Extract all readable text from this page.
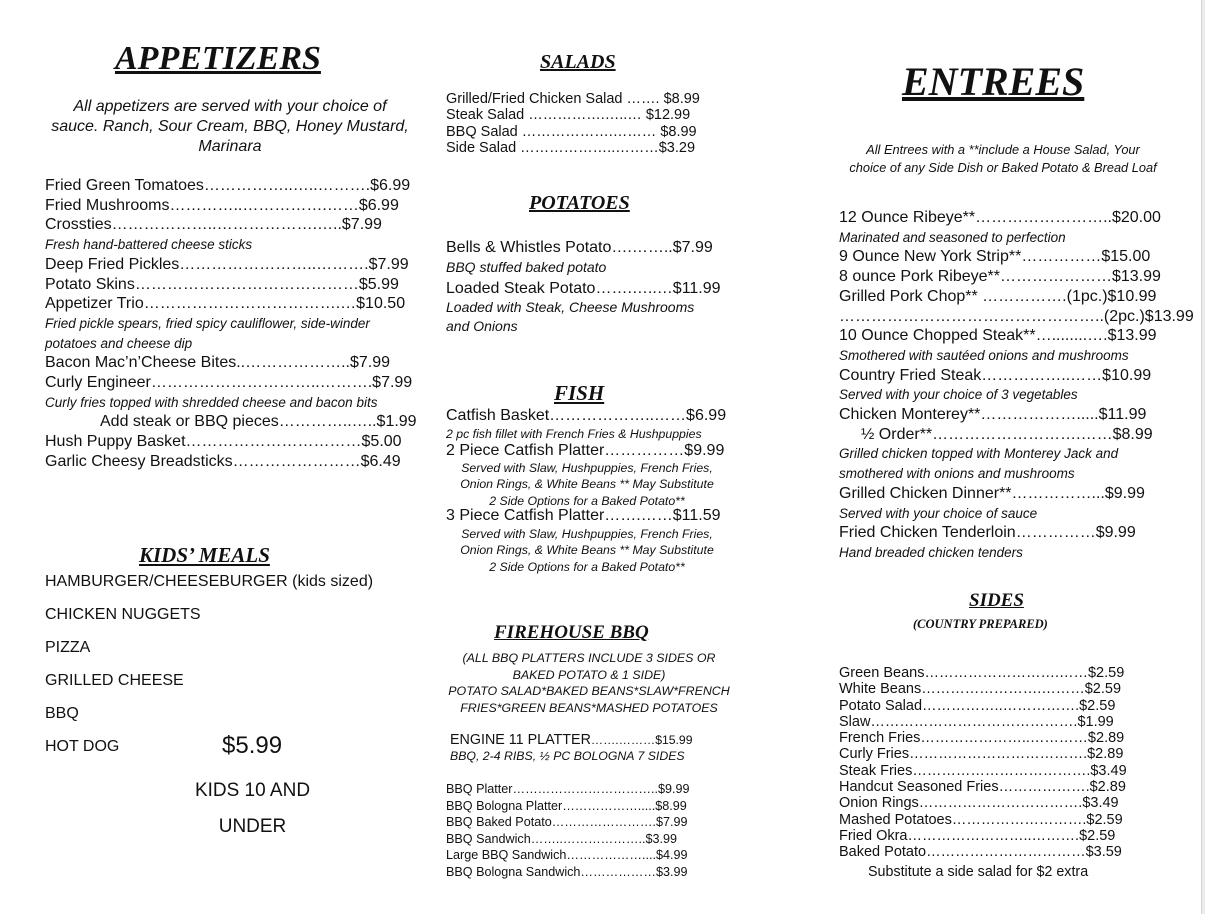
APPETIZERS
All appetizers are served with your choice of
sauce. Ranch, Sour Cream, BBQ, Honey Mustard,
Marinara
Fried Green Tomatoes……………..…..……….$6.99
Fried Mushrooms…………..…………….……$6.99
Crossties………………..……………….…..$7.99
Fresh hand-battered cheese sticks
Deep Fried Pickles……………………..……….$7.99
Potato Skins……………………………………$5.99
Appetizer Trio……………………………….…$10.50
Fried pickle spears, fried spicy cauliflower, side-winder
potatoes and cheese dip
Bacon Mac’n’Cheese Bites..………………..$7.99
Curly Engineer…………………………..……….$7.99
Curly fries topped with shredded cheese and bacon bits
Add steak or BBQ pieces…………..…..$1.99
Hush Puppy Basket……………………………$5.00
Garlic Cheesy Breadsticks……………………$6.49
KIDS’ MEALS
HAMBURGER/CHEESEBURGER (kids sized)
CHICKEN NUGGETS
PIZZA
GRILLED CHEESE
BBQ
HOT DOG	$5.99
KIDS 10 AND
UNDER
SALADS
Grilled/Fried Chicken Salad ……. $8.99
Steak Salad …………….…..… $12.99
BBQ Salad ……………….……… $8.99
Side Salad ………………..………$3.29
POTATOES
Bells & Whistles Potato….……..$7.99
BBQ stuffed baked potato
Loaded Steak Potato…….…..…$11.99
Loaded with Steak, Cheese Mushrooms
and Onions
FISH
Catfish Basket………………..……$6.99
2 pc fish fillet with French Fries & Hushpuppies
2 Piece Catfish Platter……………$9.99
Served with Slaw, Hushpuppies, French Fries,
Onion Rings, & White Beans ** May Substitute
2 Side Options for a Baked Potato**
3 Piece Catfish Platter…….……$11.59
Served with Slaw, Hushpuppies, French Fries,
Onion Rings, & White Beans ** May Substitute
2 Side Options for a Baked Potato**
FIREHOUSE BBQ
(ALL BBQ PLATTERS INCLUDE 3 SIDES OR
BAKED POTATO & 1 SIDE)
POTATO SALAD*BAKED BEANS*SLAW*FRENCH
FRIES*GREEN BEANS*MASHED POTATOES
ENGINE 11 PLATTER…….………$15.99
BBQ, 2-4 RIBS, ½ PC BOLOGNA 7 SIDES
BBQ Platter……………………………..$9.99
BBQ Bologna Platter……………….....$8.99
BBQ Baked Potato…………………….$7.99
BBQ Sandwich……..………………..$3.99
Large BBQ Sandwich………………....$4.99
BBQ Bologna Sandwich………………$3.99
ENTREES
All Entrees with a **include a House Salad, Your
choice of any Side Dish or Baked Potato & Bread Loaf
12 Ounce Ribeye**……………………..$20.00
Marinated and seasoned to perfection
9 Ounce New York Strip**……………$15.00
8 ounce Pork Ribeye**…………………$13.99
Grilled Pork Chop** …………….(1pc.)$10.99
…………………………………………..(2pc.)$13.99
10 Ounce Chopped Steak**…........….$13.99
Smothered with sautéed onions and mushrooms
Country Fried Steak……………..……$10.99
Served with your choice of 3 vegetables
Chicken Monterey**……………….....$11.99
½ Order**……………………….……$8.99
Grilled chicken topped with Monterey Jack and
smothered with onions and mushrooms
Grilled Chicken Dinner**……………...$9.99
Served with your choice of sauce
Fried Chicken Tenderloin……………$9.99
Hand breaded chicken tenders
SIDES
(COUNTRY PREPARED)
Green Beans……………………….……$2.59
White Beans…………………….………$2.59
Potato Salad……………..…………….$2.59
Slaw…………………………………….$1.99
French Fries…………………..…………$2.89
Curly Fries……………………………….$2.89
Steak Fries……………………………….$3.49
Handcut Seasoned Fries……………….$2.89
Onion Rings…………………………….$3.49
Mashed Potatoes……………………….$2.59
Fried Okra……………………..……….$2.59
Baked Potato……………………………$3.59
Substitute a side salad for $2 extra
